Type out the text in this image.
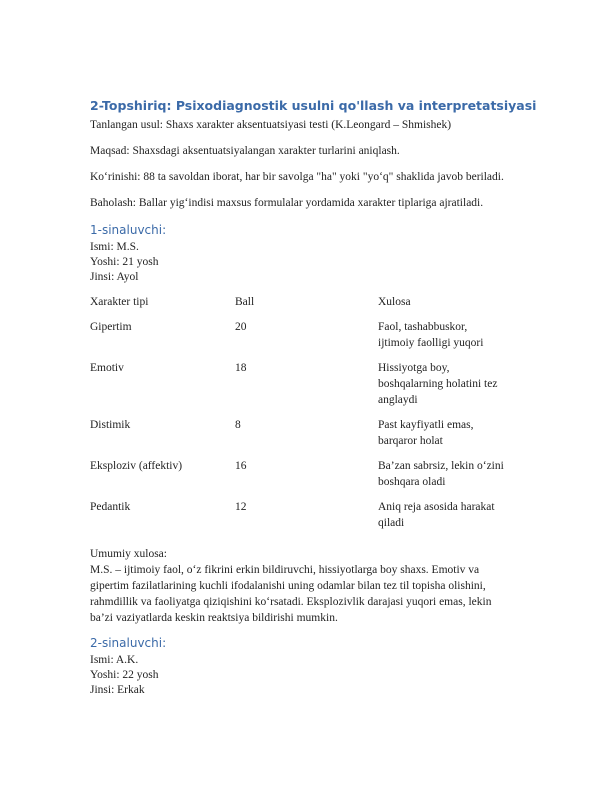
2-Topshiriq: Psixodiagnostik usulni qo'llash va interpretatsiyasi
Tanlangan usul: Shaxs xarakter aksentuatsiyasi testi (K.Leongard – Shmishek)
Maqsad: Shaxsdagi aksentuatsiyalangan xarakter turlarini aniqlash.
Ko‘rinishi: 88 ta savoldan iborat, har bir savolga "ha" yoki "yo‘q" shaklida javob beriladi.
Baholash: Ballar yig‘indisi maxsus formulalar yordamida xarakter tiplariga ajratiladi.
1-sinaluvchi:
Ismi: M.S.
Yoshi: 21 yosh
Jinsi: Ayol
Xarakter tipi	Ball	Xulosa
Gipertim	20	Faol, tashabbuskor,
ijtimoiy faolligi yuqori

Emotiv	18	Hissiyotga boy,
boshqalarning holatini tez
anglaydi

Distimik	8	Past kayfiyatli emas,
barqaror holat

Eksploziv (affektiv)	16	Ba’zan sabrsiz, lekin o‘zini
boshqara oladi

Pedantik	12	Aniq reja asosida harakat
qiladi
Umumiy xulosa:
M.S. – ijtimoiy faol, o‘z fikrini erkin bildiruvchi, hissiyotlarga boy shaxs. Emotiv va
gipertim fazilatlarining kuchli ifodalanishi uning odamlar bilan tez til topisha olishini,
rahmdillik va faoliyatga qiziqishini ko‘rsatadi. Eksplozivlik darajasi yuqori emas, lekin
ba’zi vaziyatlarda keskin reaktsiya bildirishi mumkin.
2-sinaluvchi:
Ismi: A.K.
Yoshi: 22 yosh
Jinsi: Erkak
